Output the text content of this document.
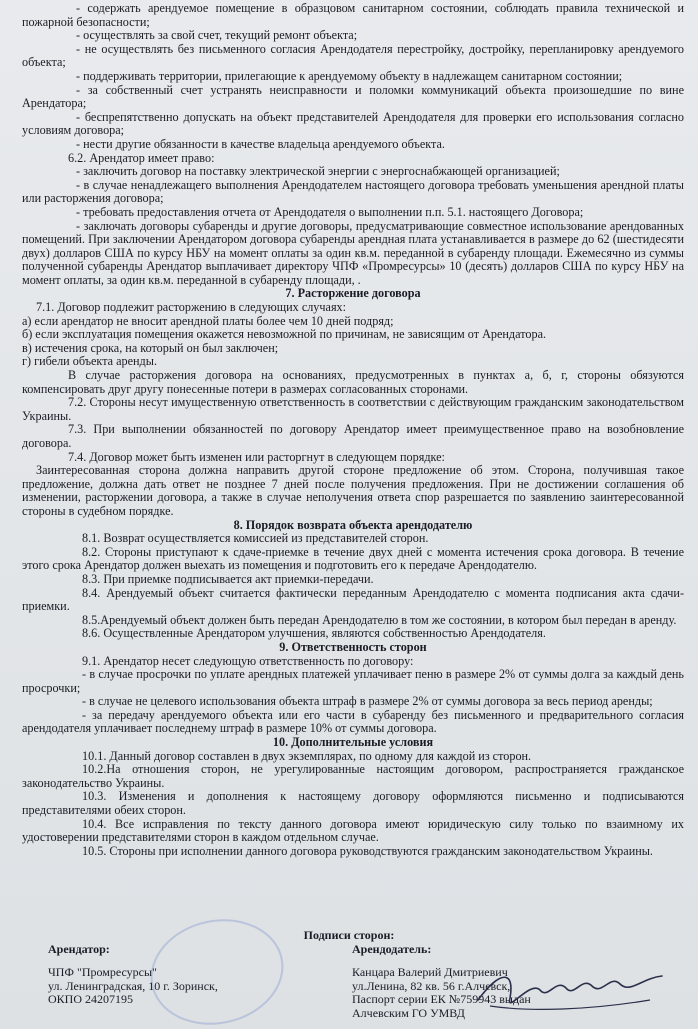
- содержать арендуемое помещение в образцовом санитарном состоянии, соблюдать правила технической и пожарной безопасности;

- осуществлять за свой счет, текущий ремонт объекта;

- не осуществлять без письменного согласия Арендодателя перестройку, достройку, перепланировку арендуемого объекта;

- поддерживать территории, прилегающие к арендуемому объекту в надлежащем санитарном состоянии;

- за собственный счет устранять неисправности и поломки коммуникаций объекта произошедшие по вине Арендатора;

- беспрепятственно допускать на объект представителей Арендодателя для проверки его использования согласно условиям договора;

- нести другие обязанности в качестве владельца арендуемого объекта.

6.2. Арендатор имеет право:

- заключить договор на поставку электрической энергии с энергоснабжающей организацией;

- в случае ненадлежащего выполнения Арендодателем настоящего договора требовать уменьшения арендной платы или расторжения договора;

- требовать предоставления отчета от Арендодателя о выполнении п.п. 5.1. настоящего Договора;

- заключать договоры субаренды и другие договоры, предусматривающие совместное использование арендованных помещений. При заключении Арендатором договора субаренды арендная плата устанавливается в размере до 62 (шестидесяти двух) долларов США по курсу НБУ на момент оплаты за один кв.м. переданной в субаренду площади. Ежемесячно из суммы полученной субаренды Арендатор выплачивает директору ЧПФ «Промресурсы» 10 (десять) долларов США по курсу НБУ на момент оплаты, за один кв.м. переданной в субаренду площади, .

7. Расторжение договора

7.1. Договор подлежит расторжению в следующих случаях:

а) если арендатор не вносит арендной платы более чем 10 дней подряд;

б) если эксплуатация помещения окажется невозможной по причинам, не зависящим от Арендатора.

в) истечения срока, на который он был заключен;

г) гибели объекта аренды.

В случае расторжения договора на основаниях, предусмотренных в пунктах а, б, г, стороны обязуются компенсировать друг другу понесенные потери в размерах согласованных сторонами.

7.2. Стороны несут имущественную ответственность в соответствии с действующим гражданским законодательством Украины.

7.3. При выполнении обязанностей по договору Арендатор имеет преимущественное право на возобновление договора.

7.4. Договор может быть изменен или расторгнут в следующем порядке:

Заинтересованная сторона должна направить другой стороне предложение об этом. Сторона, получившая такое предложение, должна дать ответ не позднее 7 дней после получения предложения. При не достижении соглашения об изменении, расторжении договора, а также в случае неполучения ответа спор разрешается по заявлению заинтересованной стороны в судебном порядке.

8. Порядок возврата объекта арендодателю

8.1. Возврат осуществляется комиссией из представителей сторон.

8.2. Стороны приступают к сдаче-приемке в течение двух дней с момента истечения срока договора. В течение этого срока Арендатор должен выехать из помещения и подготовить его к передаче Арендодателю.

8.3. При приемке подписывается акт приемки-передачи.

8.4. Арендуемый объект считается фактически переданным Арендодателю с момента подписания акта сдачи-приемки.

8.5.Арендуемый объект должен быть передан Арендодателю в том же состоянии, в котором был передан в аренду.

8.6. Осуществленные Арендатором улучшения, являются собственностью Арендодателя.

9. Ответственность сторон

9.1. Арендатор несет следующую ответственность по договору:

- в случае просрочки по уплате арендных платежей уплачивает пеню в размере 2% от суммы долга за каждый день просрочки;

- в случае не целевого использования объекта штраф в размере 2% от суммы договора за весь период аренды;

- за передачу арендуемого объекта или его части в субаренду без письменного и предварительного согласия арендодателя уплачивает последнему штраф в размере 10% от суммы договора.

10. Дополнительные условия

10.1. Данный договор составлен в двух экземплярах, по одному для каждой из сторон.

10.2.На отношения сторон, не урегулированные настоящим договором, распространяется гражданское законодательство Украины.

10.3. Изменения и дополнения к настоящему договору оформляются письменно и подписываются представителями обеих сторон.

10.4. Все исправления по тексту данного договора имеют юридическую силу только по взаимному их удостоверении представителями сторон в каждом отдельном случае.

10.5. Стороны при исполнении данного договора руководствуются гражданским законодательством Украины.

Подписи сторон:
Арендатор:
ЧПФ "Промресурсы"
ул. Ленинградская, 10 г. Зоринск,
ОКПО 24207195
Арендодатель:
Канцара Валерий Дмитриевич
ул.Ленина, 82 кв. 56 г.Алчевск,
Паспорт серии ЕК №759943 выдан
Алчевским ГО УМВД
